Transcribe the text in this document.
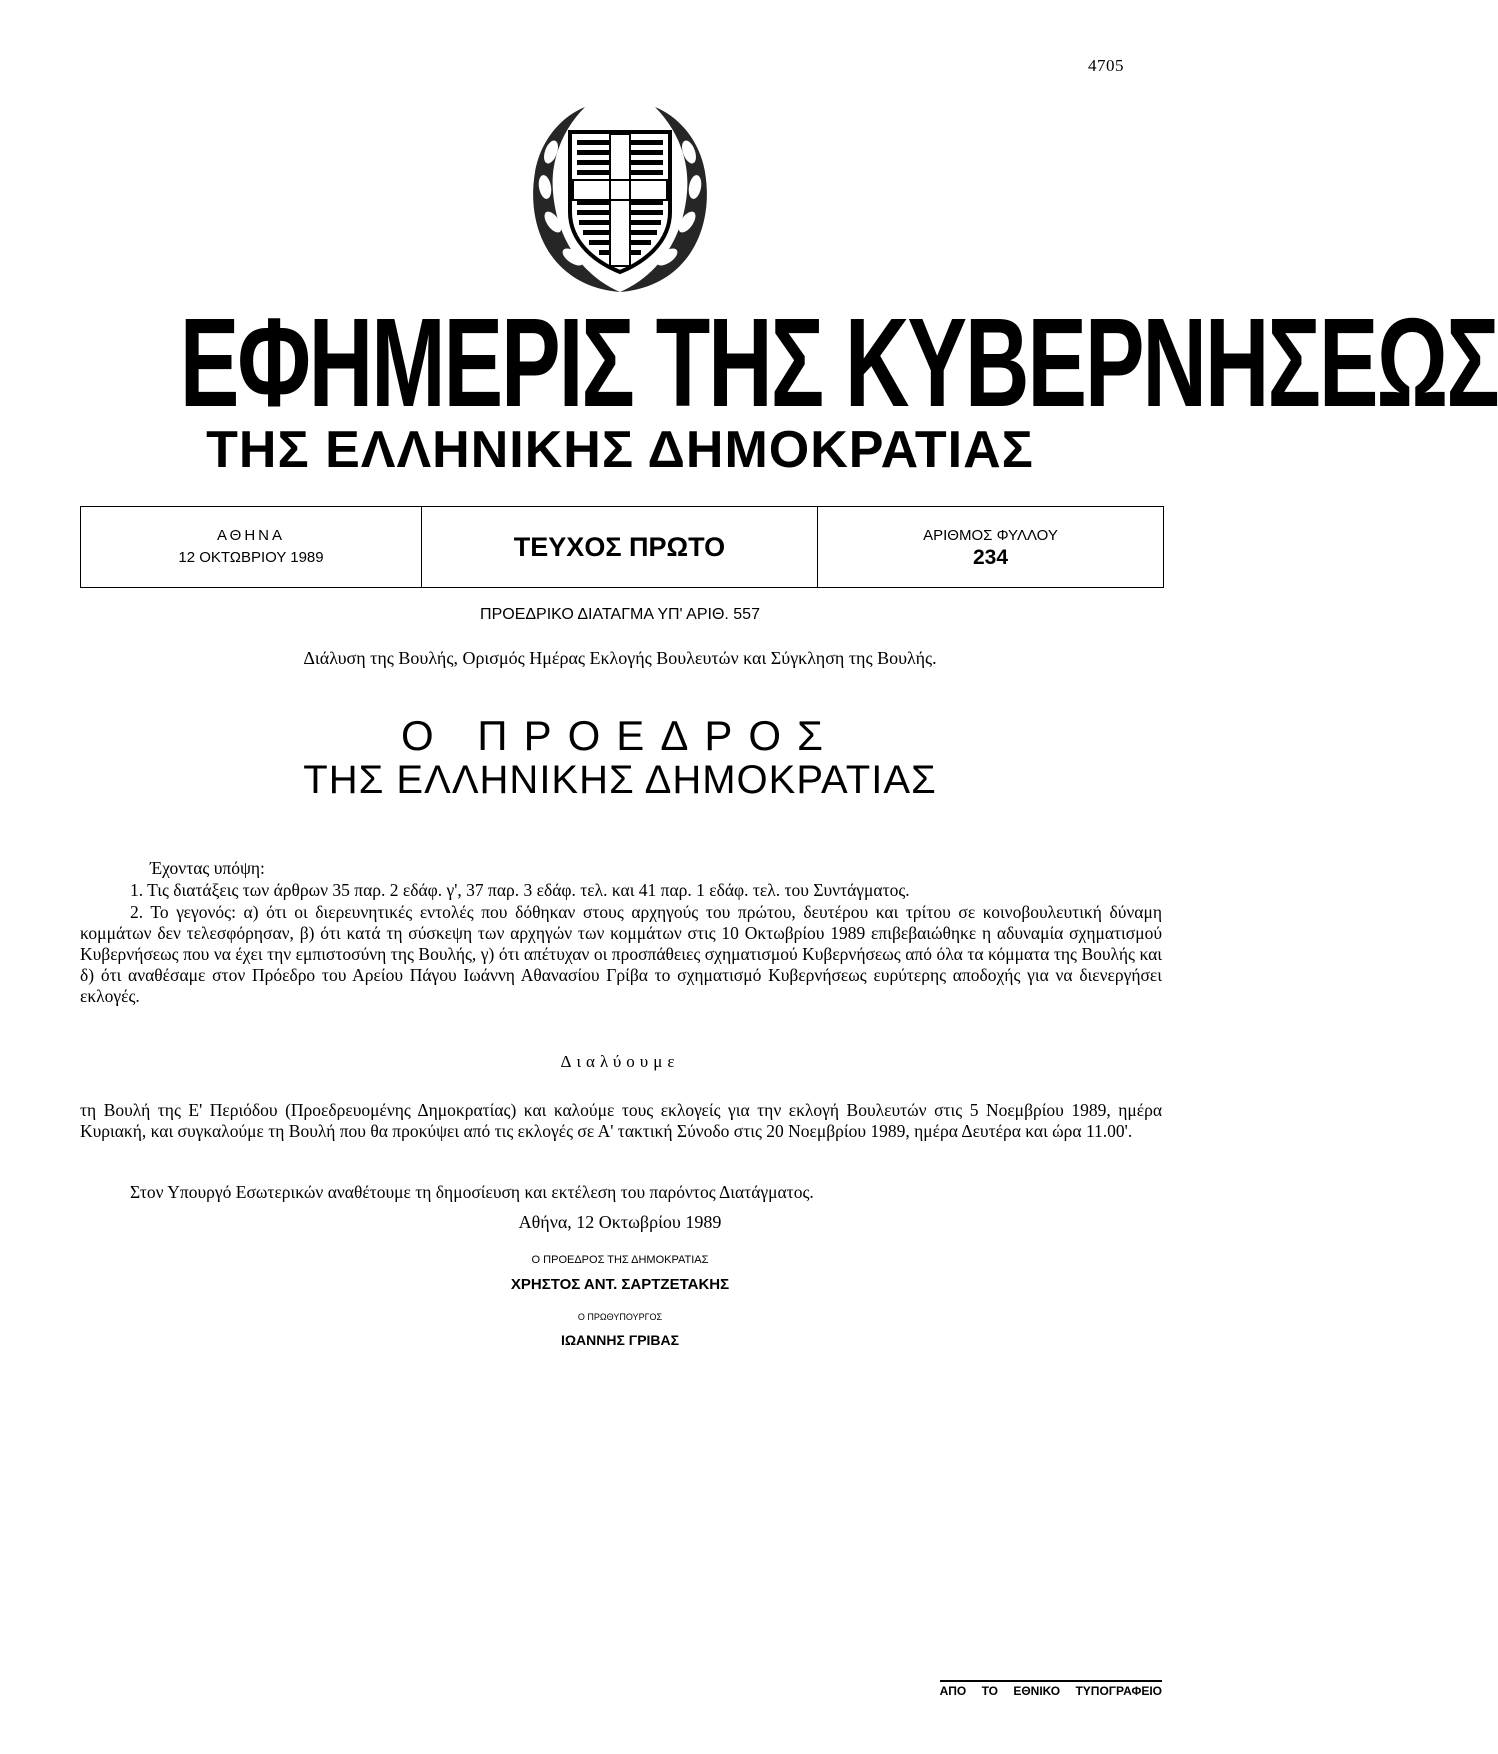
4705
ΕΦΗΜΕΡΙΣ ΤΗΣ ΚΥΒΕΡΝΗΣΕΩΣ
ΤΗΣ ΕΛΛΗΝΙΚΗΣ ΔΗΜΟΚΡΑΤΙΑΣ
ΑΘΗΝΑ
12 ΟΚΤΩΒΡΙΟΥ 1989	ΤΕΥΧΟΣ ΠΡΩΤΟ	ΑΡΙΘΜΟΣ ΦΥΛΛΟΥ
234
ΠΡΟΕΔΡΙΚΟ ΔΙΑΤΑΓΜΑ ΥΠ' ΑΡΙΘ. 557
Διάλυση της Βουλής, Ορισμός Ημέρας Εκλογής Βουλευτών και Σύγκληση της Βουλής.
Ο ΠΡΟΕΔΡΟΣ
ΤΗΣ ΕΛΛΗΝΙΚΗΣ ΔΗΜΟΚΡΑΤΙΑΣ
Έχοντας υπόψη:
1. Τις διατάξεις των άρθρων 35 παρ. 2 εδάφ. γ', 37 παρ. 3 εδάφ. τελ. και 41 παρ. 1 εδάφ. τελ. του Συντάγματος.
2. Το γεγονός: α) ότι οι διερευνητικές εντολές που δόθηκαν στους αρχηγούς του πρώτου, δευτέρου και τρίτου σε κοινοβουλευτική δύναμη κομμάτων δεν τελεσφόρησαν, β) ότι κατά τη σύσκεψη των αρχηγών των κομμάτων στις 10 Οκτωβρίου 1989 επιβεβαιώθηκε η αδυναμία σχηματισμού Κυβερνήσεως που να έχει την εμπιστοσύνη της Βουλής, γ) ότι απέτυχαν οι προσπάθειες σχηματισμού Κυβερνήσεως από όλα τα κόμματα της Βουλής και δ) ότι αναθέσαμε στον Πρόεδρο του Αρείου Πάγου Ιωάννη Αθανασίου Γρίβα το σχηματισμό Κυβερνήσεως ευρύτερης αποδοχής για να διενεργήσει εκλογές.
Διαλύουμε
τη Βουλή της Ε' Περιόδου (Προεδρευομένης Δημοκρατίας) και καλούμε τους εκλογείς για την εκλογή Βουλευτών στις 5 Νοεμβρίου 1989, ημέρα Κυριακή, και συγκαλούμε τη Βουλή που θα προκύψει από τις εκλογές σε Α' τακτική Σύνοδο στις 20 Νοεμβρίου 1989, ημέρα Δευτέρα και ώρα 11.00'.
Στον Υπουργό Εσωτερικών αναθέτουμε τη δημοσίευση και εκτέλεση του παρόντος Διατάγματος.
Αθήνα, 12 Οκτωβρίου 1989
Ο ΠΡΟΕΔΡΟΣ ΤΗΣ ΔΗΜΟΚΡΑΤΙΑΣ
ΧΡΗΣΤΟΣ ΑΝΤ. ΣΑΡΤΖΕΤΑΚΗΣ
Ο ΠΡΩΘΥΠΟΥΡΓΟΣ
ΙΩΑΝΝΗΣ ΓΡΙΒΑΣ
ΑΠΟ ΤΟ ΕΘΝΙΚΟ ΤΥΠΟΓΡΑΦΕΙΟ
